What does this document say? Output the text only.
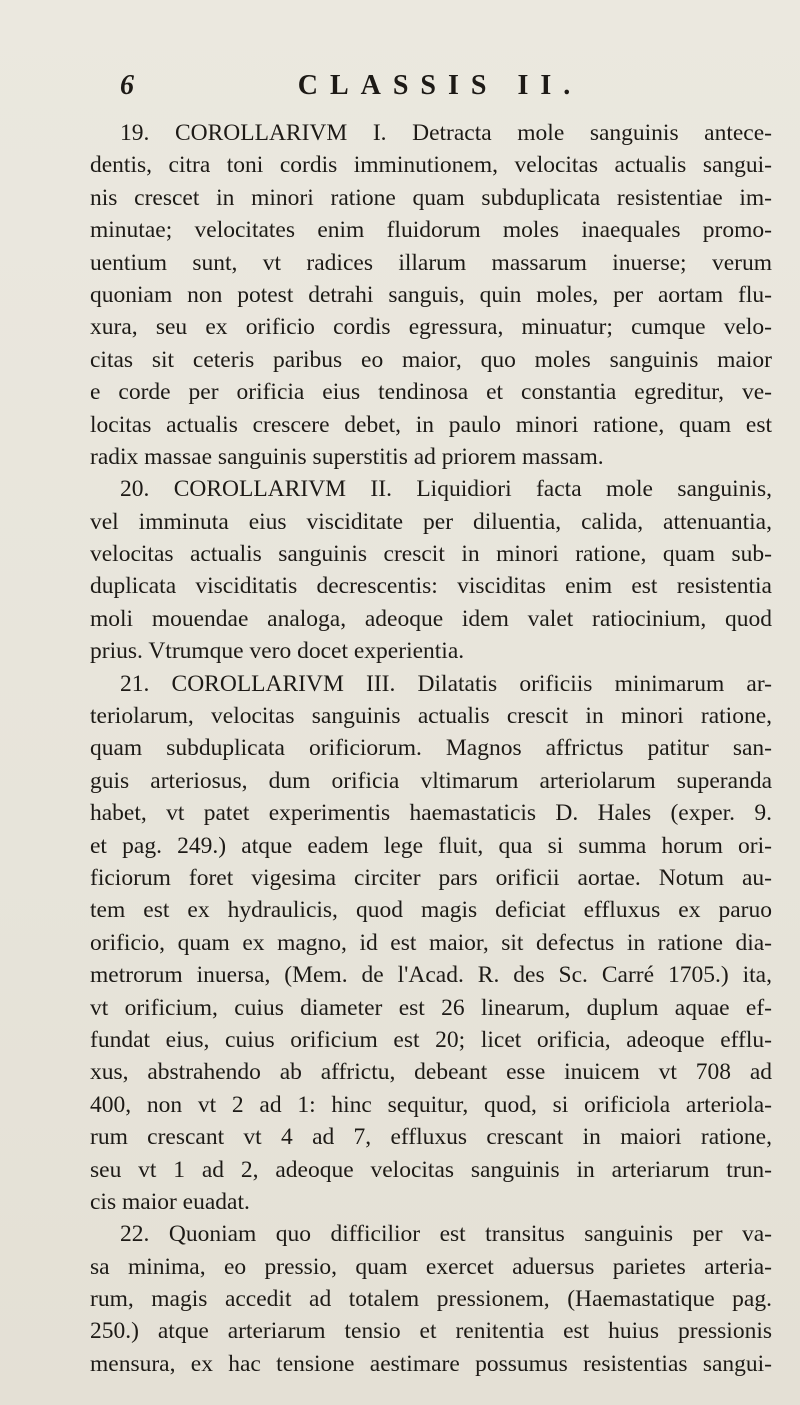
6	CLASSIS II.
19. COROLLARIVM I. Detracta mole sanguinis antece-
dentis, citra toni cordis imminutionem, velocitas actualis sangui-
nis crescet in minori ratione quam subduplicata resistentiae im-
minutae; velocitates enim fluidorum moles inaequales promo-
uentium sunt, vt radices illarum massarum inuerse; verum
quoniam non potest detrahi sanguis, quin moles, per aortam flu-
xura, seu ex orificio cordis egressura, minuatur; cumque velo-
citas sit ceteris paribus eo maior, quo moles sanguinis maior
e corde per orificia eius tendinosa et constantia egreditur, ve-
locitas actualis crescere debet, in paulo minori ratione, quam est
radix massae sanguinis superstitis ad priorem massam.
20. COROLLARIVM II. Liquidiori facta mole sanguinis,
vel imminuta eius visciditate per diluentia, calida, attenuantia,
velocitas actualis sanguinis crescit in minori ratione, quam sub-
duplicata visciditatis decrescentis: visciditas enim est resistentia
moli mouendae analoga, adeoque idem valet ratiocinium, quod
prius. Vtrumque vero docet experientia.
21. COROLLARIVM III. Dilatatis orificiis minimarum ar-
teriolarum, velocitas sanguinis actualis crescit in minori ratione,
quam subduplicata orificiorum. Magnos affrictus patitur san-
guis arteriosus, dum orificia vltimarum arteriolarum superanda
habet, vt patet experimentis haemastaticis D. Hales (exper. 9.
et pag. 249.) atque eadem lege fluit, qua si summa horum ori-
ficiorum foret vigesima circiter pars orificii aortae. Notum au-
tem est ex hydraulicis, quod magis deficiat effluxus ex paruo
orificio, quam ex magno, id est maior, sit defectus in ratione dia-
metrorum inuersa, (Mem. de l'Acad. R. des Sc. Carré 1705.) ita,
vt orificium, cuius diameter est 26 linearum, duplum aquae ef-
fundat eius, cuius orificium est 20; licet orificia, adeoque efflu-
xus, abstrahendo ab affrictu, debeant esse inuicem vt 708 ad
400, non vt 2 ad 1: hinc sequitur, quod, si orificiola arteriola-
rum crescant vt 4 ad 7, effluxus crescant in maiori ratione,
seu vt 1 ad 2, adeoque velocitas sanguinis in arteriarum trun-
cis maior euadat.
22. Quoniam quo difficilior est transitus sanguinis per va-
sa minima, eo pressio, quam exercet aduersus parietes arteria-
rum, magis accedit ad totalem pressionem, (Haemastatique pag.
250.) atque arteriarum tensio et renitentia est huius pressionis
mensura, ex hac tensione aestimare possumus resistentias sangui-
